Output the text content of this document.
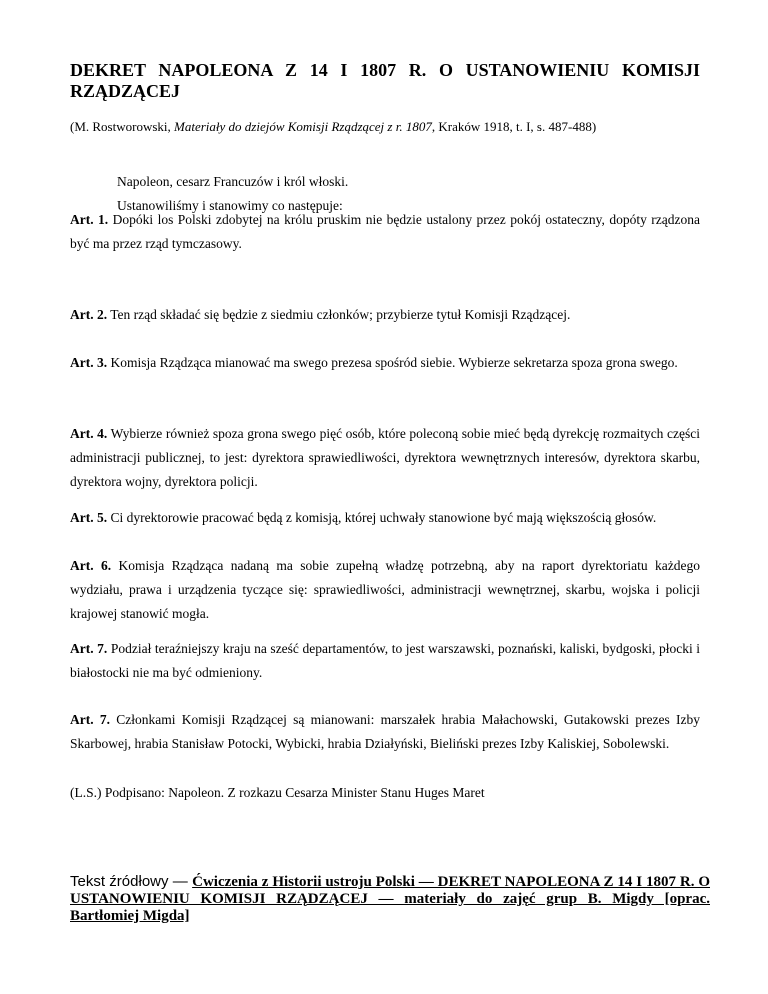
DEKRET NAPOLEONA Z 14 I 1807 R. O USTANOWIENIU KOMISJI
RZĄDZĄCEJ

(M. Rostworowski, Materiały do dziejów Komisji Rządzącej z r. 1807, Kraków 1918, t. I, s. 487-488)

Napoleon, cesarz Francuzów i król włoski.

Ustanowiliśmy i stanowimy co następuje:

Art. 1. Dopóki los Polski zdobytej na królu pruskim nie będzie ustalony przez pokój ostateczny, dopóty rządzona być ma przez rząd tymczasowy.

Art. 2. Ten rząd składać się będzie z siedmiu członków; przybierze tytuł Komisji Rządzącej.

Art. 3. Komisja Rządząca mianować ma swego prezesa spośród siebie. Wybierze sekretarza spoza grona swego.

Art. 4. Wybierze również spoza grona swego pięć osób, które poleconą sobie mieć będą dyrekcję rozmaitych części administracji publicznej, to jest: dyrektora sprawiedliwości, dyrektora wewnętrznych interesów, dyrektora skarbu, dyrektora wojny, dyrektora policji.

Art. 5. Ci dyrektorowie pracować będą z komisją, której uchwały stanowione być mają większością głosów.

Art. 6. Komisja Rządząca nadaną ma sobie zupełną władzę potrzebną, aby na raport dyrektoriatu każdego wydziału, prawa i urządzenia tyczące się: sprawiedliwości, administracji wewnętrznej, skarbu, wojska i policji krajowej stanowić mogła.

Art. 7. Podział teraźniejszy kraju na sześć departamentów, to jest warszawski, poznański, kaliski, bydgoski, płocki i białostocki nie ma być odmieniony.

Art. 7. Członkami Komisji Rządzącej są mianowani: marszałek hrabia Małachowski, Gutakowski prezes Izby Skarbowej, hrabia Stanisław Potocki, Wybicki, hrabia Działyński, Bieliński prezes Izby Kaliskiej, Sobolewski.

(L.S.) Podpisano: Napoleon. Z rozkazu Cesarza Minister Stanu Huges Maret

Tekst źródłowy — Ćwiczenia z Historii ustroju Polski — DEKRET NAPOLEONA Z 14 I 1807 R. O USTANOWIENIU KOMISJI RZĄDZĄCEJ — materiały do zajęć grup B. Migdy [oprac. Bartłomiej Migda]
